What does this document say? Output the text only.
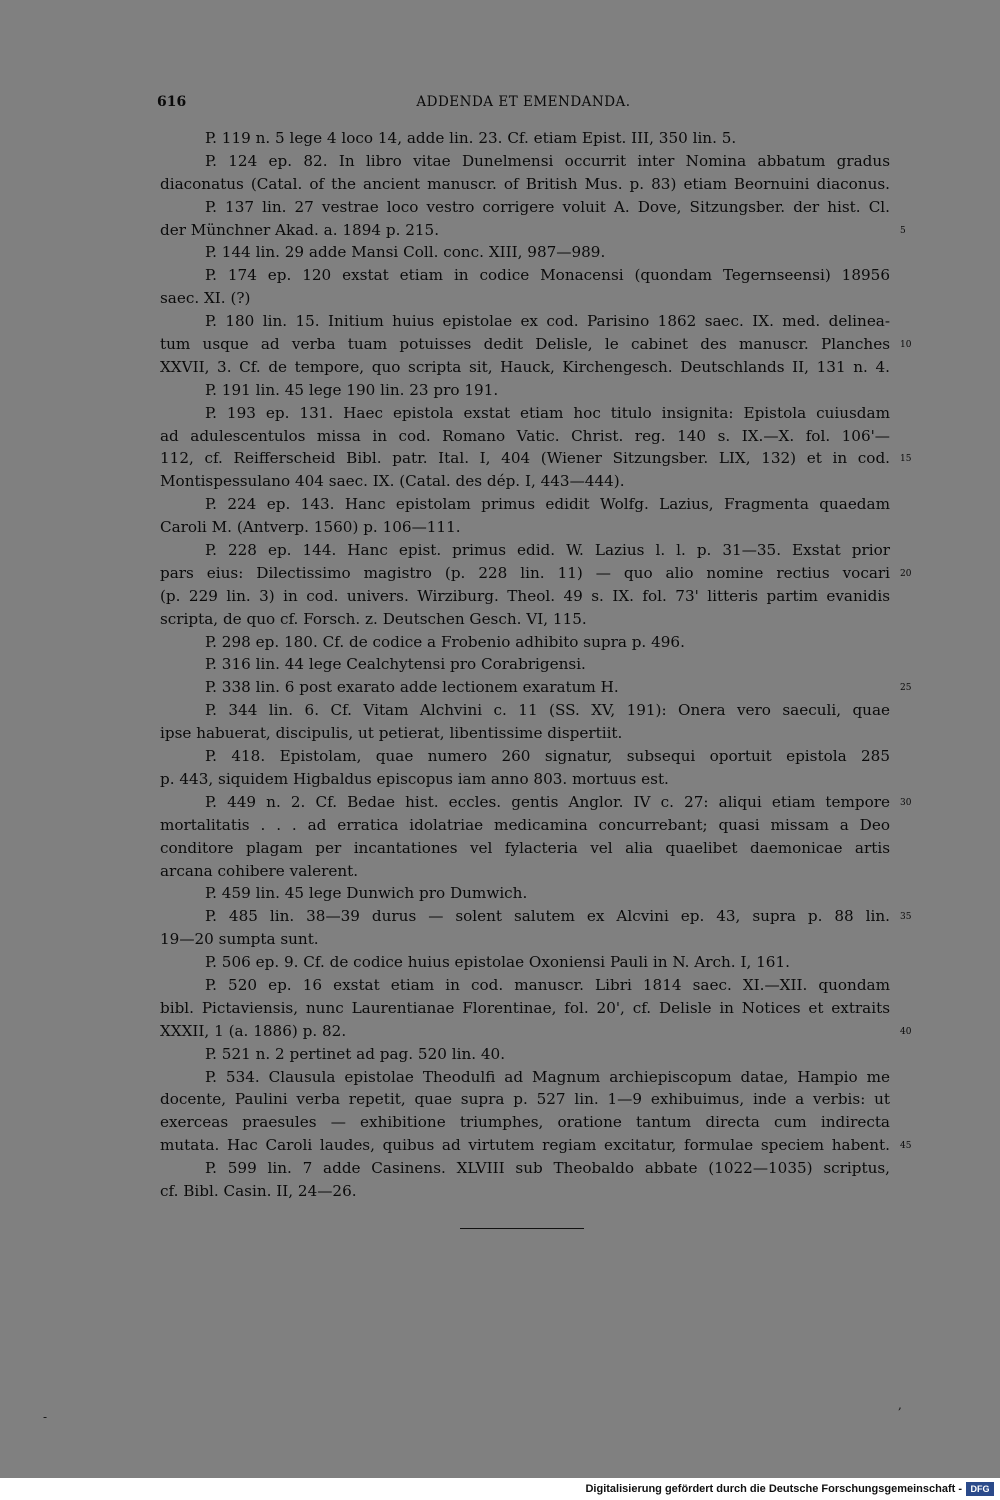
616	ADDENDA ET EMENDANDA.
P. 119 n. 5 lege 4 loco 14, adde lin. 23. Cf. etiam Epist. III, 350 lin. 5.
P. 124 ep. 82. In libro vitae Dunelmensi occurrit inter Nomina abbatum gradus
diaconatus (Catal. of the ancient manuscr. of British Mus. p. 83) etiam Beornuini diaconus.
P. 137 lin. 27 vestrae loco vestro corrigere voluit A. Dove, Sitzungsber. der hist. Cl.
der Münchner Akad. a. 1894 p. 215.	5
P. 144 lin. 29 adde Mansi Coll. conc. XIII, 987—989.
P. 174 ep. 120 exstat etiam in codice Monacensi (quondam Tegernseensi) 18956
saec. XI. (?)
P. 180 lin. 15. Initium huius epistolae ex cod. Parisino 1862 saec. IX. med. delinea-
tum usque ad verba tuam potuisses dedit Delisle, le cabinet des manuscr. Planches 10
XXVII, 3. Cf. de tempore, quo scripta sit, Hauck, Kirchengesch. Deutschlands II, 131 n. 4.
P. 191 lin. 45 lege 190 lin. 23 pro 191.
P. 193 ep. 131. Haec epistola exstat etiam hoc titulo insignita: Epistola cuiusdam
ad adulescentulos missa in cod. Romano Vatic. Christ. reg. 140 s. IX.—X. fol. 106'—
112, cf. Reifferscheid Bibl. patr. Ital. I, 404 (Wiener Sitzungsber. LIX, 132) et in cod. 15
Montispessulano 404 saec. IX. (Catal. des dép. I, 443—444).
P. 224 ep. 143. Hanc epistolam primus edidit Wolfg. Lazius, Fragmenta quaedam
Caroli M. (Antverp. 1560) p. 106—111.
P. 228 ep. 144. Hanc epist. primus edid. W. Lazius l. l. p. 31—35. Exstat prior
pars eius: Dilectissimo magistro (p. 228 lin. 11) — quo alio nomine rectius vocari 20
(p. 229 lin. 3) in cod. univers. Wirziburg. Theol. 49 s. IX. fol. 73' litteris partim evanidis
scripta, de quo cf. Forsch. z. Deutschen Gesch. VI, 115.
P. 298 ep. 180. Cf. de codice a Frobenio adhibito supra p. 496.
P. 316 lin. 44 lege Cealchytensi pro Corabrigensi.
P. 338 lin. 6 post exarato adde lectionem exaratum H.	25
P. 344 lin. 6. Cf. Vitam Alchvini c. 11 (SS. XV, 191): Onera vero saeculi, quae
ipse habuerat, discipulis, ut petierat, libentissime dispertiit.
P. 418. Epistolam, quae numero 260 signatur, subsequi oportuit epistola 285
p. 443, siquidem Higbaldus episcopus iam anno 803. mortuus est.
P. 449 n. 2. Cf. Bedae hist. eccles. gentis Anglor. IV c. 27: aliqui etiam tempore 30
mortalitatis . . . ad erratica idolatriae medicamina concurrebant; quasi missam a Deo
conditore plagam per incantationes vel fylacteria vel alia quaelibet daemonicae artis
arcana cohibere valerent.
P. 459 lin. 45 lege Dunwich pro Dumwich.
P. 485 lin. 38—39 durus — solent salutem ex Alcvini ep. 43, supra p. 88 lin. 35
19—20 sumpta sunt.
P. 506 ep. 9. Cf. de codice huius epistolae Oxoniensi Pauli in N. Arch. I, 161.
P. 520 ep. 16 exstat etiam in cod. manuscr. Libri 1814 saec. XI.—XII. quondam
bibl. Pictaviensis, nunc Laurentianae Florentinae, fol. 20', cf. Delisle in Notices et extraits
XXXII, 1 (a. 1886) p. 82.	40
P. 521 n. 2 pertinet ad pag. 520 lin. 40.
P. 534. Clausula epistolae Theodulfi ad Magnum archiepiscopum datae, Hampio me
docente, Paulini verba repetit, quae supra p. 527 lin. 1—9 exhibuimus, inde a verbis: ut
exerceas praesules — exhibitione triumphes, oratione tantum directa cum indirecta
mutata. Hac Caroli laudes, quibus ad virtutem regiam excitatur, formulae speciem habent. 45
P. 599 lin. 7 adde Casinens. XLVIII sub Theobaldo abbate (1022—1035) scriptus,
cf. Bibl. Casin. II, 24—26.
-
,
Digitalisierung gefördert durch die Deutsche Forschungsgemeinschaft - DFG
